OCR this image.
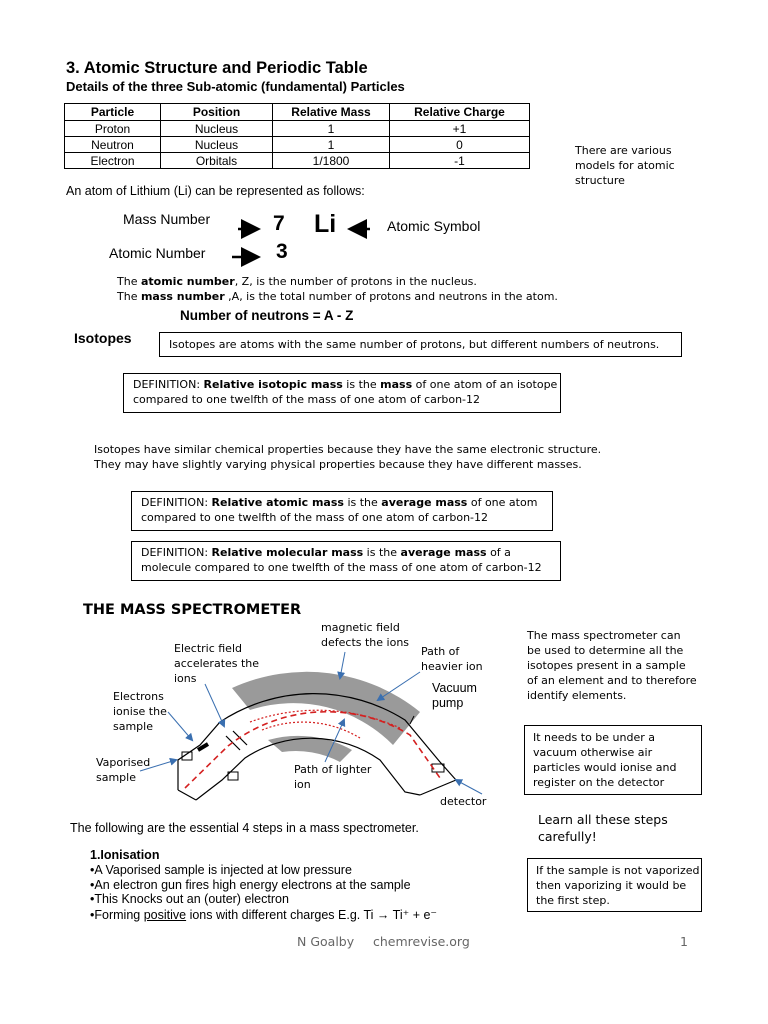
3. Atomic Structure and Periodic Table
Details of the three Sub-atomic (fundamental) Particles
Particle	Position	Relative Mass	Relative Charge
Proton	Nucleus	1	+1
Neutron	Nucleus	1	0
Electron	Orbitals	1/1800	-1
There are various models for atomic structure
An atom of Lithium (Li) can be represented as follows:
Mass Number
Atomic Number
7
3
Li	Atomic Symbol
The atomic number, Z, is the number of protons in the nucleus.
The mass number ,A, is the total number of protons and neutrons in the atom.
Number of neutrons = A - Z
Isotopes	Isotopes are atoms with the same number of protons, but different numbers of neutrons.
DEFINITION: Relative isotopic mass is the mass of one atom of an isotope compared to one twelfth of the mass of one atom of carbon-12
Isotopes have similar chemical properties because they have the same electronic structure.
They may have slightly varying physical properties because they have different masses.
DEFINITION: Relative atomic mass is the average mass of one atom compared to one twelfth of the mass of one atom of carbon-12
DEFINITION: Relative molecular mass is the average mass of a molecule compared to one twelfth of the mass of one atom of carbon-12
THE MASS SPECTROMETER
magnetic field defects the ions
Electric field accelerates the ions
Path of heavier ion
Vacuum pump
Electrons ionise the sample
Vaporised sample
Path of lighter ion
detector
The mass spectrometer can be used to determine all the isotopes present in a sample of an element and to therefore identify elements.
It needs to be under a vacuum otherwise air particles would ionise and register on the detector
Learn all these steps carefully!
If the sample is not vaporized then vaporizing it would be the first step.
The following are the essential 4 steps in a mass spectrometer.
1.Ionisation
•A Vaporised sample is injected at low pressure
•An electron gun fires high energy electrons at the sample
•This Knocks out an (outer) electron
•Forming positive ions with different charges E.g. Ti → Ti⁺ + e⁻
N Goalby chemrevise.org	1
